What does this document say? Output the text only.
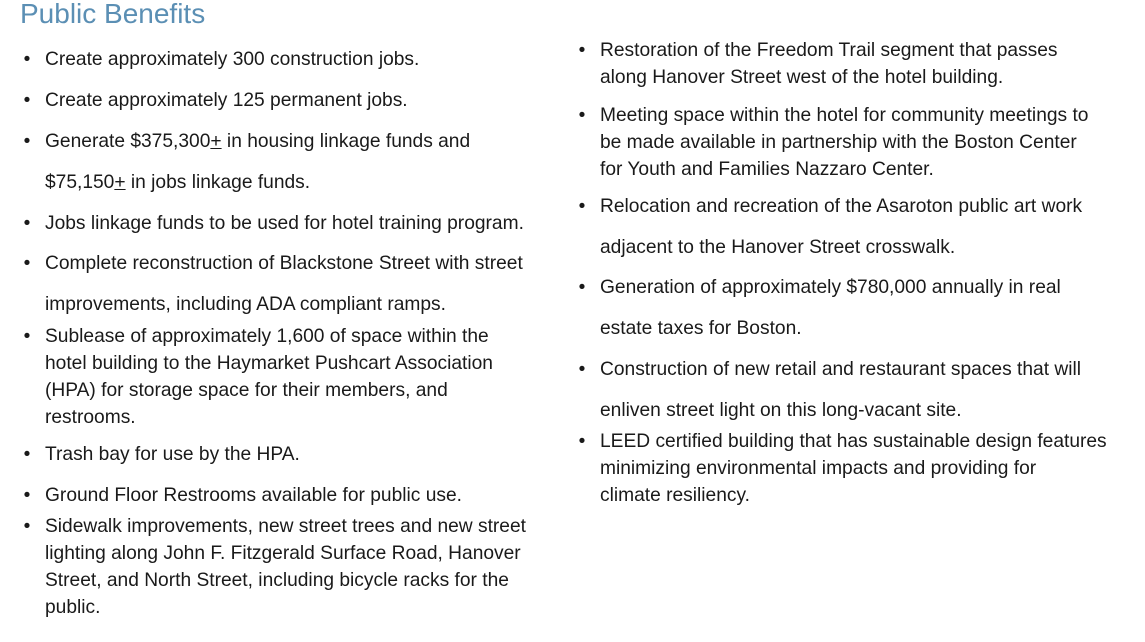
Public Benefits
• Create approximately 300 construction jobs.
• Create approximately 125 permanent jobs.
• Generate $375,300+ in housing linkage funds and
$75,150+ in jobs linkage funds.
• Jobs linkage funds to be used for hotel training program.
• Complete reconstruction of Blackstone Street with street
improvements, including ADA compliant ramps.
• Sublease of approximately 1,600 of space within the
hotel building to the Haymarket Pushcart Association
(HPA) for storage space for their members, and
restrooms.
• Trash bay for use by the HPA.
• Ground Floor Restrooms available for public use.
• Sidewalk improvements, new street trees and new street
lighting along John F. Fitzgerald Surface Road, Hanover
Street, and North Street, including bicycle racks for the
public.
• Restoration of the Freedom Trail segment that passes
along Hanover Street west of the hotel building.
• Meeting space within the hotel for community meetings to
be made available in partnership with the Boston Center
for Youth and Families Nazzaro Center.
• Relocation and recreation of the Asaroton public art work
adjacent to the Hanover Street crosswalk.
• Generation of approximately $780,000 annually in real
estate taxes for Boston.
• Construction of new retail and restaurant spaces that will
enliven street light on this long-vacant site.
• LEED certified building that has sustainable design features
minimizing environmental impacts and providing for
climate resiliency.
